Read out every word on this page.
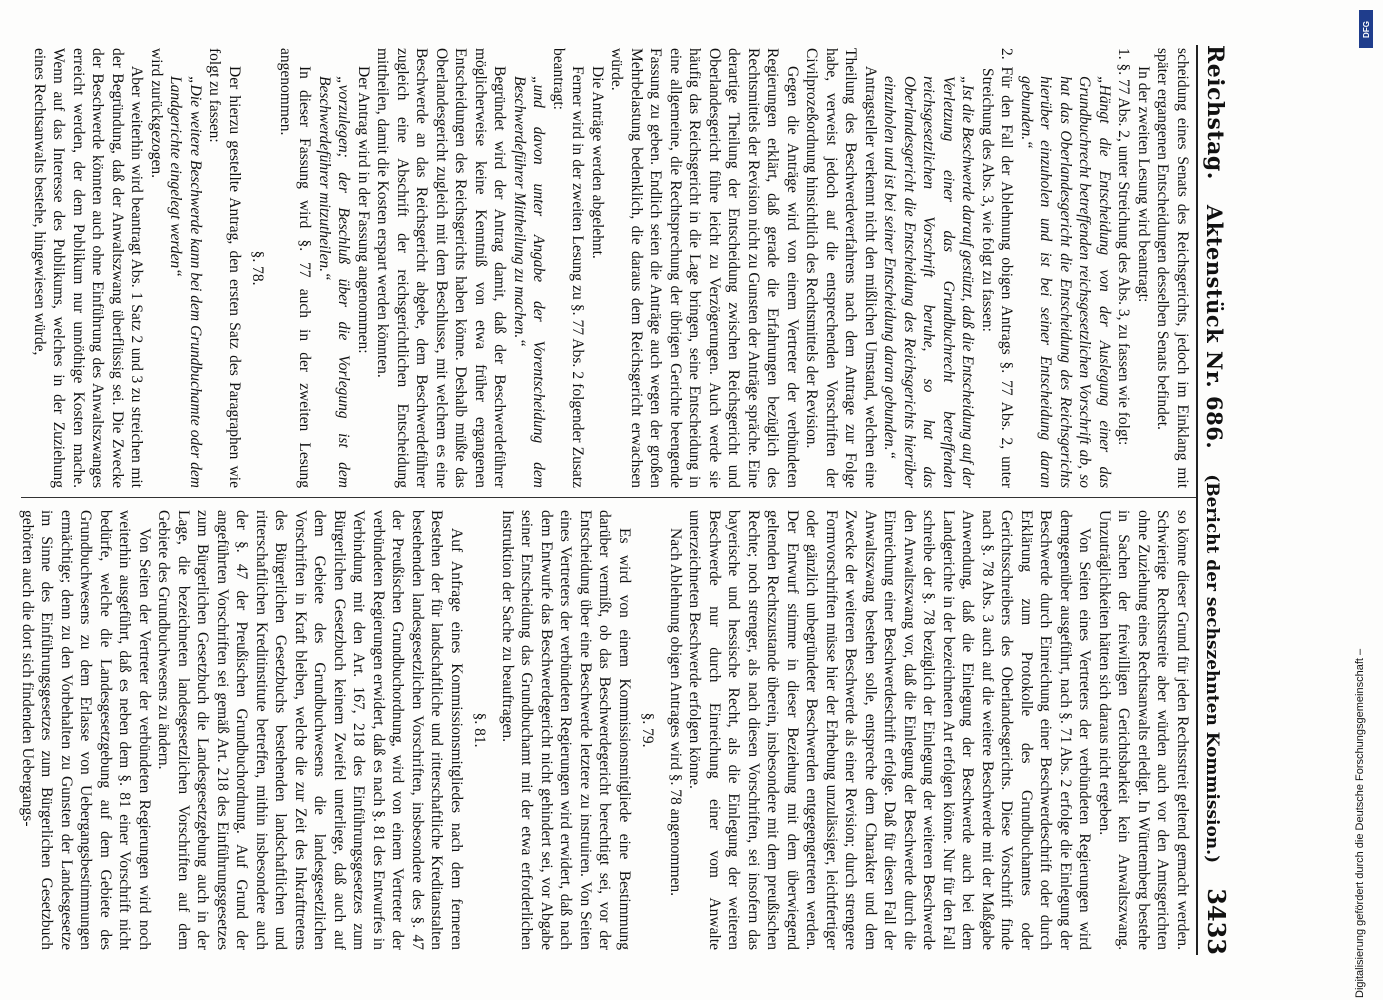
Reichstag.
Aktenstück Nr. 686.
(Bericht der sechszehnten Kommission.)
3433

scheidung eines Senats des Reichsgerichts, jedoch im Einklang mit später ergangenen Entscheidungen desselben Senats befindet.

In der zweiten Lesung wird beantragt:

1. §. 77 Abs. 2, unter Streichung des Abs. 3, zu fassen wie folgt:

„Hängt die Entscheidung von der Auslegung einer das Grundbuchrecht betreffenden reichsgesetzlichen Vorschrift ab, so hat das Oberlandesgericht die Entscheidung des Reichsgerichts hierüber einzuholen und ist bei seiner Entscheidung daran gebunden.“

2. Für den Fall der Ablehnung obigen Antrags §. 77 Abs. 2, unter Streichung des Abs. 3, wie folgt zu fassen:

„Ist die Beschwerde darauf gestützt, daß die Entscheidung auf der Verletzung einer das Grundbuchrecht betreffenden reichsgesetzlichen Vorschrift beruhe, so hat das Oberlandesgericht die Entscheidung des Reichsgerichts hierüber einzuholen und ist bei seiner Entscheidung daran gebunden.“

Antragsteller verkennt nicht den mißlichen Umstand, welchen eine Theilung des Beschwerdeverfahrens nach dem Antrage zur Folge habe, verweist jedoch auf die entsprechenden Vorschriften der Civilprozeßordnung hinsichtlich des Rechtsmittels der Revision.

Gegen die Anträge wird von einem Vertreter der verbündeten Regierungen erklärt, daß gerade die Erfahrungen bezüglich des Rechtsmittels der Revision nicht zu Gunsten der Anträge spräche. Eine derartige Theilung der Entscheidung zwischen Reichsgericht und Oberlandesgericht führe leicht zu Verzögerungen. Auch werde sie häufig das Reichsgericht in die Lage bringen, seine Entscheidung in eine allgemeine, die Rechtsprechung der übrigen Gerichte beengende Fassung zu geben. Endlich seien die Anträge auch wegen der großen Mehrbelastung bedenklich, die daraus dem Reichsgericht erwachsen würde.

Die Anträge werden abgelehnt.

Ferner wird in der zweiten Lesung zu §. 77 Abs. 2 folgender Zusatz beantragt:

„und davon unter Angabe der Vorentscheidung dem Beschwerdeführer Mittheilung zu machen.“

Begründet wird der Antrag damit, daß der Beschwerdeführer möglicherweise keine Kenntniß von etwa früher ergangenen Entscheidungen des Reichsgerichts haben könne. Deshalb müßte das Oberlandesgericht zugleich mit dem Beschlusse, mit welchem es eine Beschwerde an das Reichsgericht abgebe, dem Beschwerdeführer zugleich eine Abschrift der reichsgerichtlichen Entscheidung mittheilen, damit die Kosten erspart werden könnten.

Der Antrag wird in der Fassung angenommen:

„vorzulegen; der Beschluß über die Vorlegung ist dem Beschwerdeführer mitzutheilen.“

In dieser Fassung wird §. 77 auch in der zweiten Lesung angenommen.

§. 78.

Der hierzu gestellte Antrag, den ersten Satz des Paragraphen wie folgt zu fassen:

„Die weitere Beschwerde kann bei dem Grundbuchamte oder dem Landgerichte eingelegt werden“

wird zurückgezogen.

Aber weiterhin wird beantragt Abs. 1 Satz 2 und 3 zu streichen mit der Begründung, daß der Anwaltszwang überflüssig sei. Die Zwecke der Beschwerde könnten auch ohne Einführung des Anwaltszwanges erreicht werden, der dem Publikum nur unnöthige Kosten mache. Wenn auf das Interesse des Publikums, welches in der Zuziehung eines Rechtsanwalts bestehe, hingewiesen würde,

so könne dieser Grund für jeden Rechtsstreit geltend gemacht werden. Schwierige Rechtsstreite aber würden auch vor den Amtsgerichten ohne Zuziehung eines Rechtsanwalts erledigt. In Württemberg bestehe in Sachen der freiwilligen Gerichtsbarkeit kein Anwaltszwang. Unzuträglichkeiten hätten sich daraus nicht ergeben.

Von Seiten eines Vertreters der verbündeten Regierungen wird demgegenüber ausgeführt, nach §. 71 Abs. 2 erfolge die Einlegung der Beschwerde durch Einreichung einer Beschwerdeschrift oder durch Erklärung zum Protokolle des Grundbuchamtes oder Gerichtsschreibers des Oberlandesgerichts. Diese Vorschrift finde nach §. 78 Abs. 3 auch auf die weitere Beschwerde mit der Maßgabe Anwendung, daß die Einlegung der Beschwerde auch bei dem Landgerichte in der bezeichneten Art erfolgen könne. Nur für den Fall schreibe der §. 78 bezüglich der Einlegung der weiteren Beschwerde den Anwaltszwang vor, daß die Einlegung der Beschwerde durch die Einreichung einer Beschwerdeschrift erfolge. Daß für diesen Fall der Anwaltszwang bestehen solle, entspreche dem Charakter und dem Zwecke der weiteren Beschwerde als einer Revision; durch strengere Formvorschriften müsse hier der Erhebung unzulässiger, leichtfertiger oder gänzlich unbegründeter Beschwerden entgegengetreten werden. Der Entwurf stimme in dieser Beziehung mit dem überwiegend geltenden Rechtszustande überein, insbesondere mit dem preußischen Rechte; noch strenger, als nach diesen Vorschriften, sei insofern das bayerische und hessische Recht, als die Einlegung der weiteren Beschwerde nur durch Einreichung einer vom Anwalte unterzeichneten Beschwerde erfolgen könne.

Nach Ablehnung obigen Antrages wird §. 78 angenommen.

§. 79.

Es wird von einem Kommissionsmitgliede eine Bestimmung darüber vermißt, ob das Beschwerdegericht berechtigt sei, vor der Entscheidung über eine Beschwerde letztere zu instruiren. Von Seiten eines Vertreters der verbündeten Regierungen wird erwidert, daß nach dem Entwurfe das Beschwerdegericht nicht gehindert sei, vor Abgabe seiner Entscheidung das Grundbuchamt mit der etwa erforderlichen Instruktion der Sache zu beauftragen.

§. 81.

Auf Anfrage eines Kommissionsmitgliedes nach dem ferneren Bestehen der für landschaftliche und ritterschaftliche Kreditanstalten bestehenden landesgesetzlichen Vorschriften, insbesondere des §. 47 der Preußischen Grundbuchordnung, wird von einem Vertreter der verbündeten Regierungen erwidert, daß es nach §. 81 des Entwurfes in Verbindung mit den Art. 167, 218 des Einführungsgesetzes zum Bürgerlichen Gesetzbuch keinem Zweifel unterliege, daß auch auf dem Gebiete des Grundbuchwesens die landesgesetzlichen Vorschriften in Kraft bleiben, welche die zur Zeit des Inkrafttretens des Bürgerlichen Gesetzbuchs bestehenden landschaftlichen und ritterschaftlichen Kreditinstitute betreffen, mithin insbesondere auch der §. 47 der Preußischen Grundbuchordnung. Auf Grund der angeführten Vorschriften sei gemäß Art. 218 des Einführungsgesetzes zum Bürgerlichen Gesetzbuch die Landesgesetzgebung auch in der Lage, die bezeichneten landesgesetzlichen Vorschriften auf dem Gebiete des Grundbuchwesens zu ändern.

Von Seiten der Vertreter der verbündeten Regierungen wird noch weiterhin ausgeführt, daß es neben dem §. 81 einer Vorschrift nicht bedürfe, welche die Landesgesetzgebung auf dem Gebiete des Grundbuchwesens zu dem Erlasse von Uebergangsbestimmungen ermächtige; denn zu den Vorbehalten zu Gunsten der Landesgesetze im Sinne des Einführungsgesetzes zum Bürgerlichen Gesetzbuch gehörten auch die dort sich findenden Uebergangs-	Digitalisierung gefördert durch die Deutsche Forschungsgemeinschaft –
DFG
